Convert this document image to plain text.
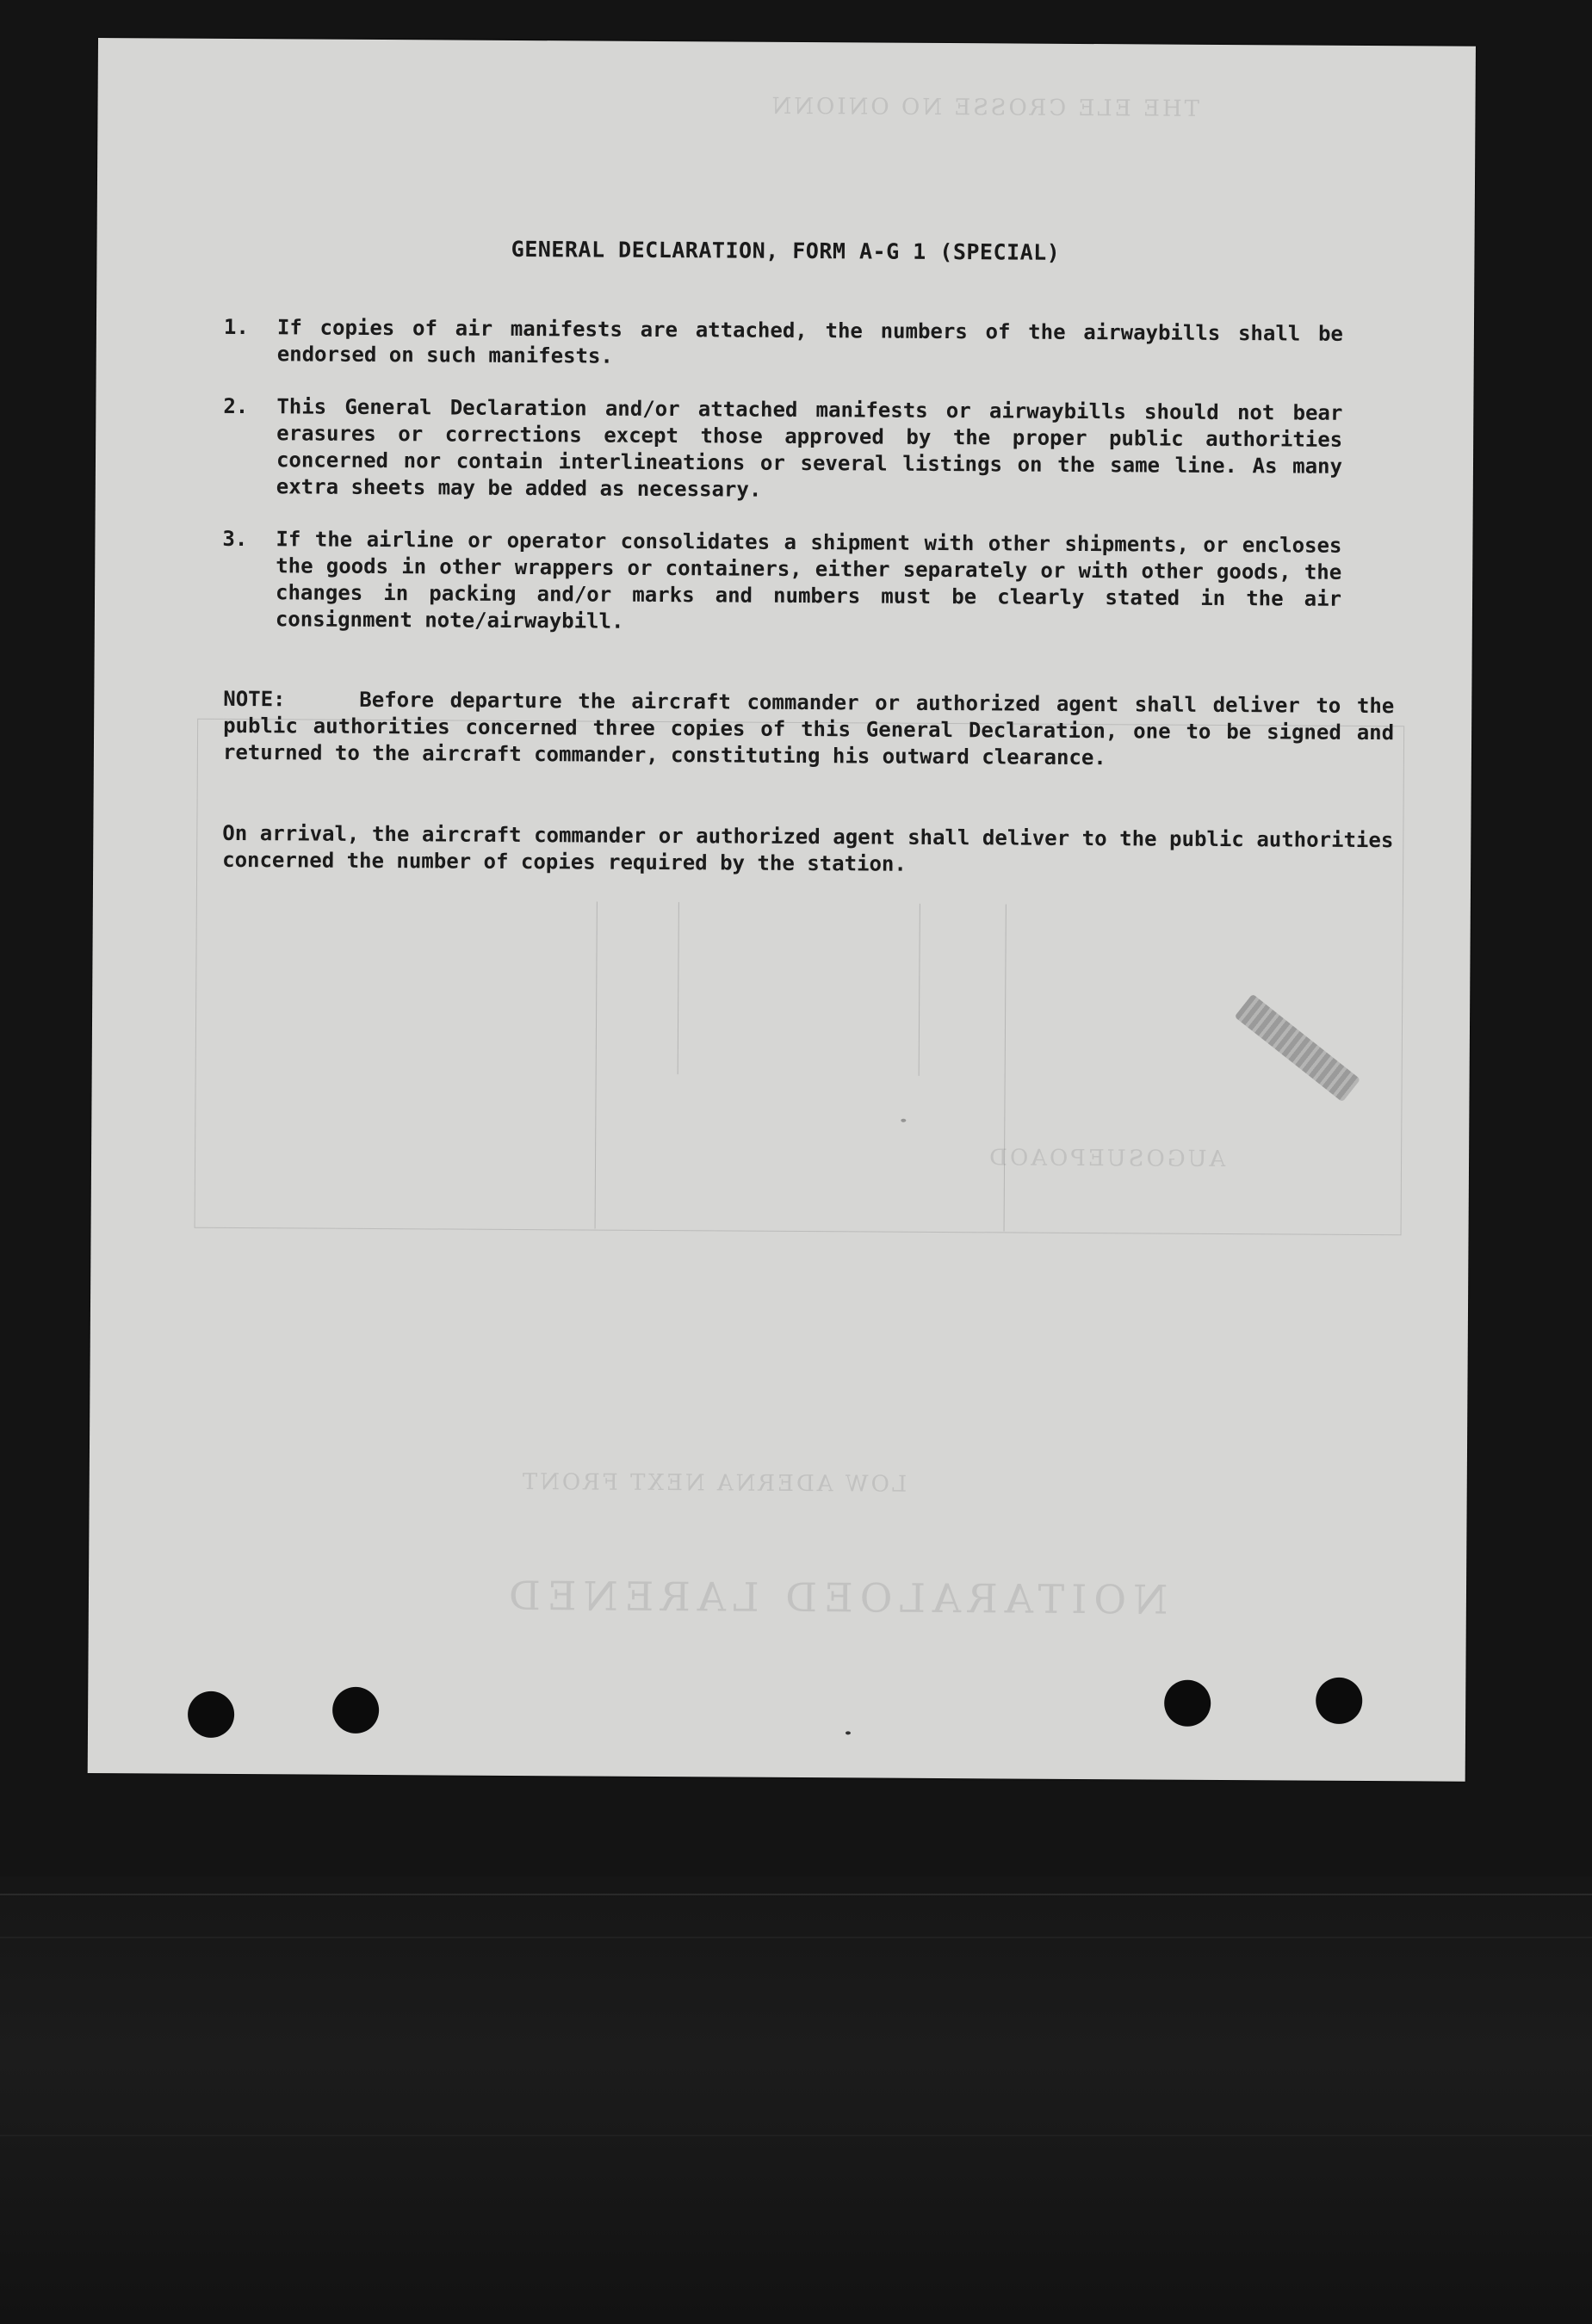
THE ELE CROSSE NO ONIONN
AUGOSUEPOAOD
LOW ADERNA NEXT FRONT
NOITARALOED LARENED
GENERAL DECLARATION, FORM A-G 1 (SPECIAL)
1.	If copies of air manifests are attached, the numbers of the airwaybills shall be endorsed on such manifests.
2.	This General Declaration and/or attached manifests or airwaybills should not bear erasures or corrections except those approved by the proper public authorities concerned nor contain interlineations or several listings on the same line. As many extra sheets may be added as necessary.
3.	If the airline or operator consolidates a shipment with other shipments, or encloses the goods in other wrappers or containers, either separately or with other goods, the changes in packing and/or marks and numbers must be clearly stated in the air consignment note/airwaybill.
NOTE:	Before departure the aircraft commander or authorized agent shall deliver to the public authorities concerned three copies of this General Declaration, one to be signed and returned to the aircraft commander, constituting his outward clearance.
On arrival, the aircraft commander or authorized agent shall deliver to the public authorities concerned the number of copies required by the station.
